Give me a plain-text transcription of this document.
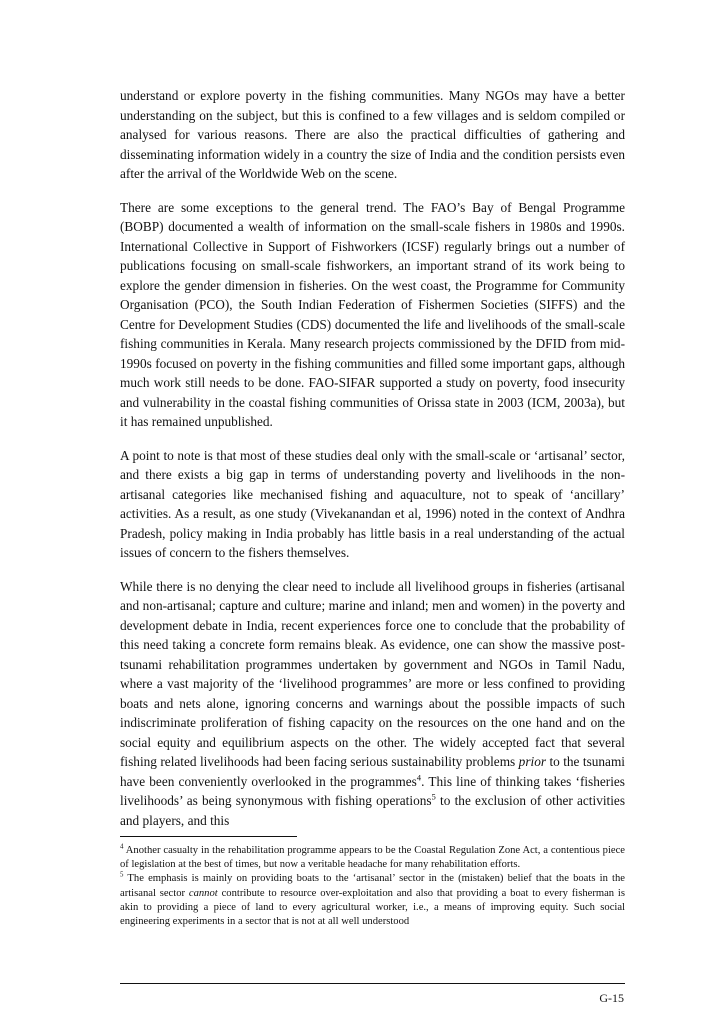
understand or explore poverty in the fishing communities. Many NGOs may have a better understanding on the subject, but this is confined to a few villages and is seldom compiled or analysed for various reasons. There are also the practical difficulties of gathering and disseminating information widely in a country the size of India and the condition persists even after the arrival of the Worldwide Web on the scene.

There are some exceptions to the general trend. The FAO’s Bay of Bengal Programme (BOBP) documented a wealth of information on the small-scale fishers in 1980s and 1990s. International Collective in Support of Fishworkers (ICSF) regularly brings out a number of publications focusing on small-scale fishworkers, an important strand of its work being to explore the gender dimension in fisheries. On the west coast, the Programme for Community Organisation (PCO), the South Indian Federation of Fishermen Societies (SIFFS) and the Centre for Development Studies (CDS) documented the life and livelihoods of the small-scale fishing communities in Kerala. Many research projects commissioned by the DFID from mid-1990s focused on poverty in the fishing communities and filled some important gaps, although much work still needs to be done. FAO-SIFAR supported a study on poverty, food insecurity and vulnerability in the coastal fishing communities of Orissa state in 2003 (ICM, 2003a), but it has remained unpublished.

A point to note is that most of these studies deal only with the small-scale or ‘artisanal’ sector, and there exists a big gap in terms of understanding poverty and livelihoods in the non-artisanal categories like mechanised fishing and aquaculture, not to speak of ‘ancillary’ activities. As a result, as one study (Vivekanandan et al, 1996) noted in the context of Andhra Pradesh, policy making in India probably has little basis in a real understanding of the actual issues of concern to the fishers themselves.

While there is no denying the clear need to include all livelihood groups in fisheries (artisanal and non-artisanal; capture and culture; marine and inland; men and women) in the poverty and development debate in India, recent experiences force one to conclude that the probability of this need taking a concrete form remains bleak. As evidence, one can show the massive post-tsunami rehabilitation programmes undertaken by government and NGOs in Tamil Nadu, where a vast majority of the ‘livelihood programmes’ are more or less confined to providing boats and nets alone, ignoring concerns and warnings about the possible impacts of such indiscriminate proliferation of fishing capacity on the resources on the one hand and on the social equity and equilibrium aspects on the other. The widely accepted fact that several fishing related livelihoods had been facing serious sustainability problems prior to the tsunami have been conveniently overlooked in the programmes$^4$. This line of thinking takes ‘fisheries livelihoods’ as being synonymous with fishing operations$^5$ to the exclusion of other activities and players, and this

$^4$ Another casualty in the rehabilitation programme appears to be the Coastal Regulation Zone Act, a contentious piece of legislation at the best of times, but now a veritable headache for many rehabilitation efforts.

$^5$ The emphasis is mainly on providing boats to the ‘artisanal’ sector in the (mistaken) belief that the boats in the artisanal sector cannot contribute to resource over-exploitation and also that providing a boat to every fisherman is akin to providing a piece of land to every agricultural worker, i.e., a means of improving equity. Such social engineering experiments in a sector that is not at all well understood

G-15
